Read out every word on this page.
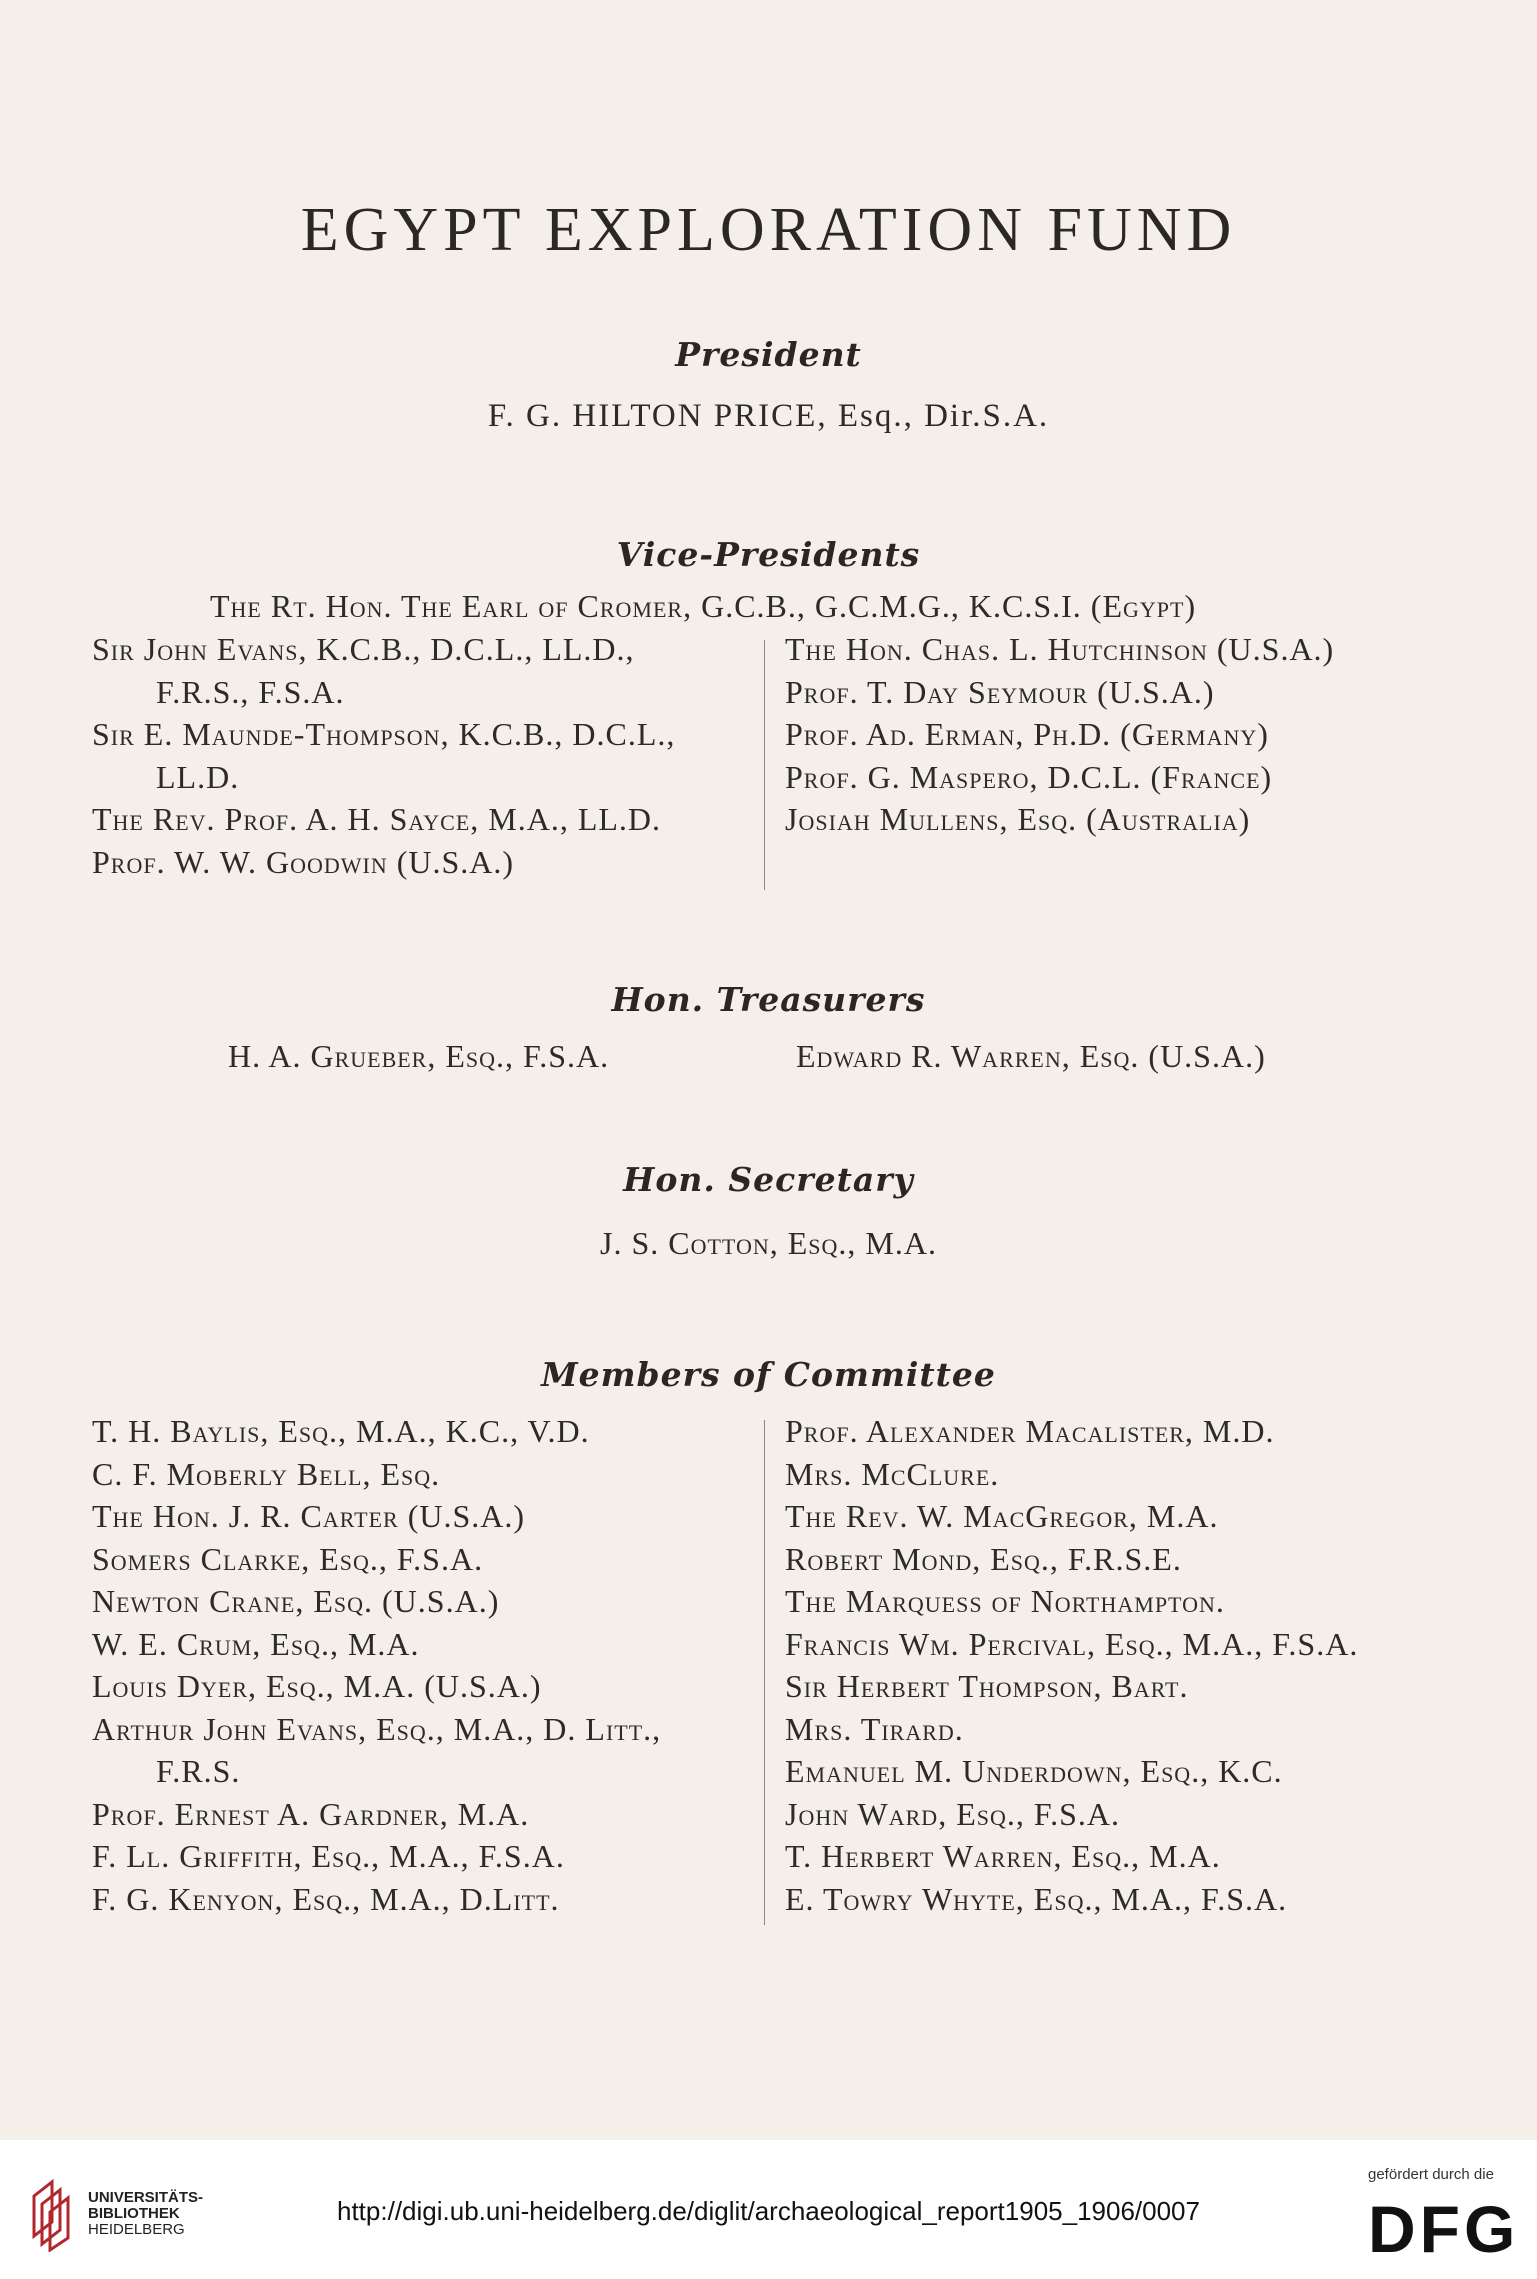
EGYPT EXPLORATION FUND
President
F. G. HILTON PRICE, Esq., Dir.S.A.
Vice-Presidents
The Rt. Hon. The Earl of Cromer, G.C.B., G.C.M.G., K.C.S.I. (Egypt)
Sir John Evans, K.C.B., D.C.L., LL.D.,
F.R.S., F.S.A.
Sir E. Maunde-Thompson, K.C.B., D.C.L.,
LL.D.
The Rev. Prof. A. H. Sayce, M.A., LL.D.
Prof. W. W. Goodwin (U.S.A.)
The Hon. Chas. L. Hutchinson (U.S.A.)
Prof. T. Day Seymour (U.S.A.)
Prof. Ad. Erman, Ph.D. (Germany)
Prof. G. Maspero, D.C.L. (France)
Josiah Mullens, Esq. (Australia)
Hon. Treasurers
H. A. Grueber, Esq., F.S.A.	Edward R. Warren, Esq. (U.S.A.)
Hon. Secretary
J. S. Cotton, Esq., M.A.
Members of Committee
T. H. Baylis, Esq., M.A., K.C., V.D.
C. F. Moberly Bell, Esq.
The Hon. J. R. Carter (U.S.A.)
Somers Clarke, Esq., F.S.A.
Newton Crane, Esq. (U.S.A.)
W. E. Crum, Esq., M.A.
Louis Dyer, Esq., M.A. (U.S.A.)
Arthur John Evans, Esq., M.A., D. Litt.,
F.R.S.
Prof. Ernest A. Gardner, M.A.
F. Ll. Griffith, Esq., M.A., F.S.A.
F. G. Kenyon, Esq., M.A., D.Litt.
Prof. Alexander Macalister, M.D.
Mrs. McClure.
The Rev. W. MacGregor, M.A.
Robert Mond, Esq., F.R.S.E.
The Marquess of Northampton.
Francis Wm. Percival, Esq., M.A., F.S.A.
Sir Herbert Thompson, Bart.
Mrs. Tirard.
Emanuel M. Underdown, Esq., K.C.
John Ward, Esq., F.S.A.
T. Herbert Warren, Esq., M.A.
E. Towry Whyte, Esq., M.A., F.S.A.
UNIVERSITÄTS-
BIBLIOTHEK
HEIDELBERG
http://digi.ub.uni-heidelberg.de/diglit/archaeological_report1905_1906/0007
gefördert durch die
DFG
